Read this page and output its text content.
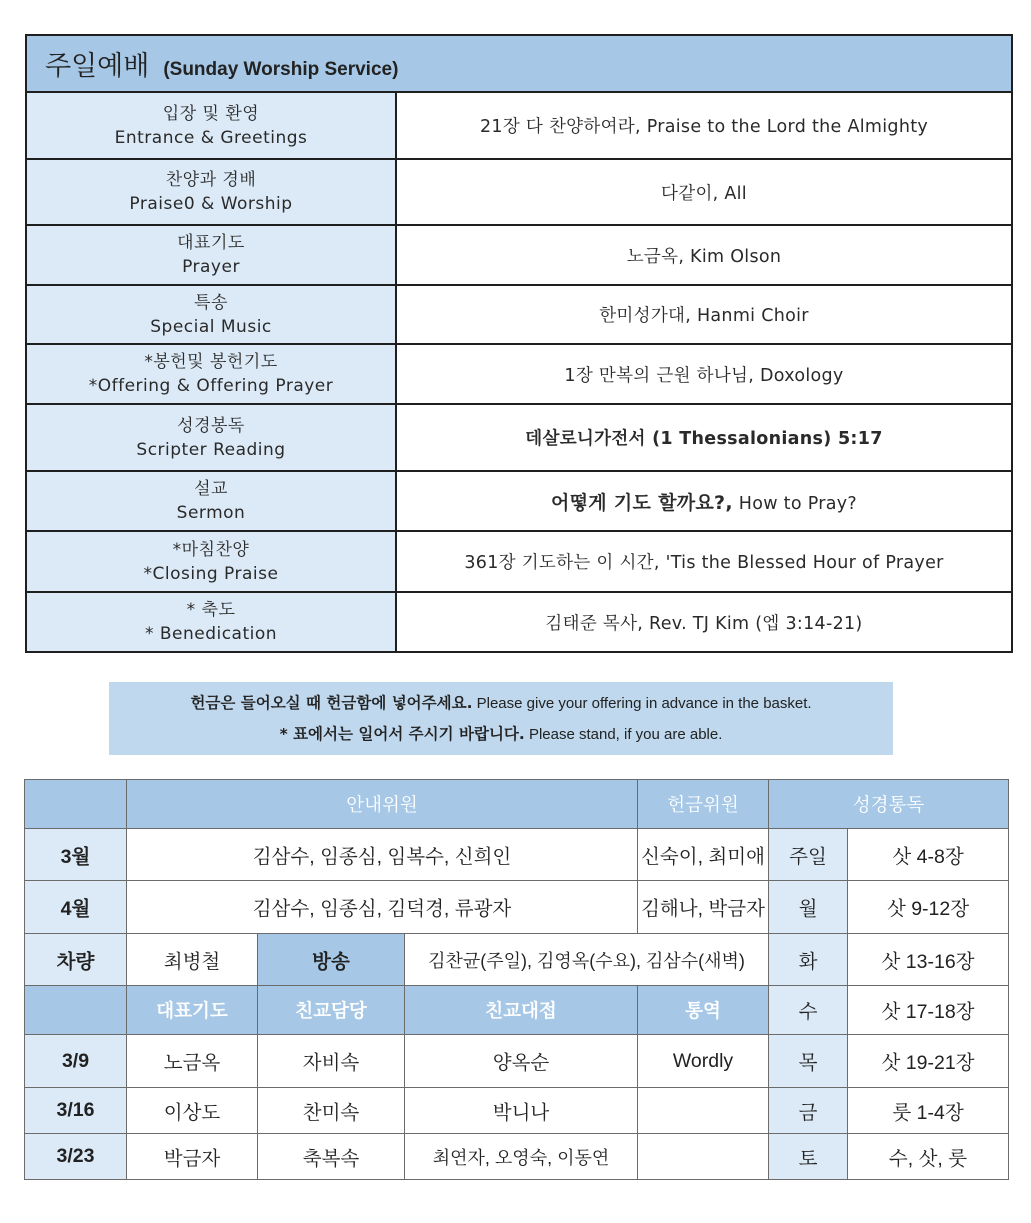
주일예배 (Sunday Worship Service)	

입장 및 환영
Entrance & Greetings	21장 다 찬양하여라, Praise to the Lord the Almighty

찬양과 경배
Praise0 & Worship	다같이, All

대표기도
Prayer	노금옥, Kim Olson

특송
Special Music	한미성가대, Hanmi Choir

*봉헌및 봉헌기도
*Offering & Offering Prayer	1장 만복의 근원 하나님, Doxology

성경봉독
Scripter Reading	데살로니가전서 (1 Thessalonians) 5:17

설교
Sermon	어떻게 기도 할까요?, How to Pray?

*마침찬양
*Closing Praise	361장 기도하는 이 시간, 'Tis the Blessed Hour of Prayer

* 축도
* Benedication	김태준 목사, Rev. TJ Kim (엡 3:14-21)
헌금은 들어오실 때 헌금함에 넣어주세요. Please give your offering in advance in the basket.
* 표에서는 일어서 주시기 바랍니다. Please stand, if you are able.
	안내위원			헌금위원	성경통독	
3월	김삼수, 임종심, 임복수, 신희인			신숙이, 최미애	주일	삿 4-8장
4월	김삼수, 임종심, 김덕경, 류광자			김해나, 박금자	월	삿 9-12장
차량	최병철	방송	김찬균(주일), 김영옥(수요), 김삼수(새벽)		화	삿 13-16장
	대표기도	친교담당	친교대접	통역	수	삿 17-18장
3/9	노금옥	자비속	양옥순	Wordly	목	삿 19-21장
3/16	이상도	찬미속	박니나		금	룻 1-4장
3/23	박금자	축복속	최연자, 오영숙, 이동연		토	수, 삿, 룻
